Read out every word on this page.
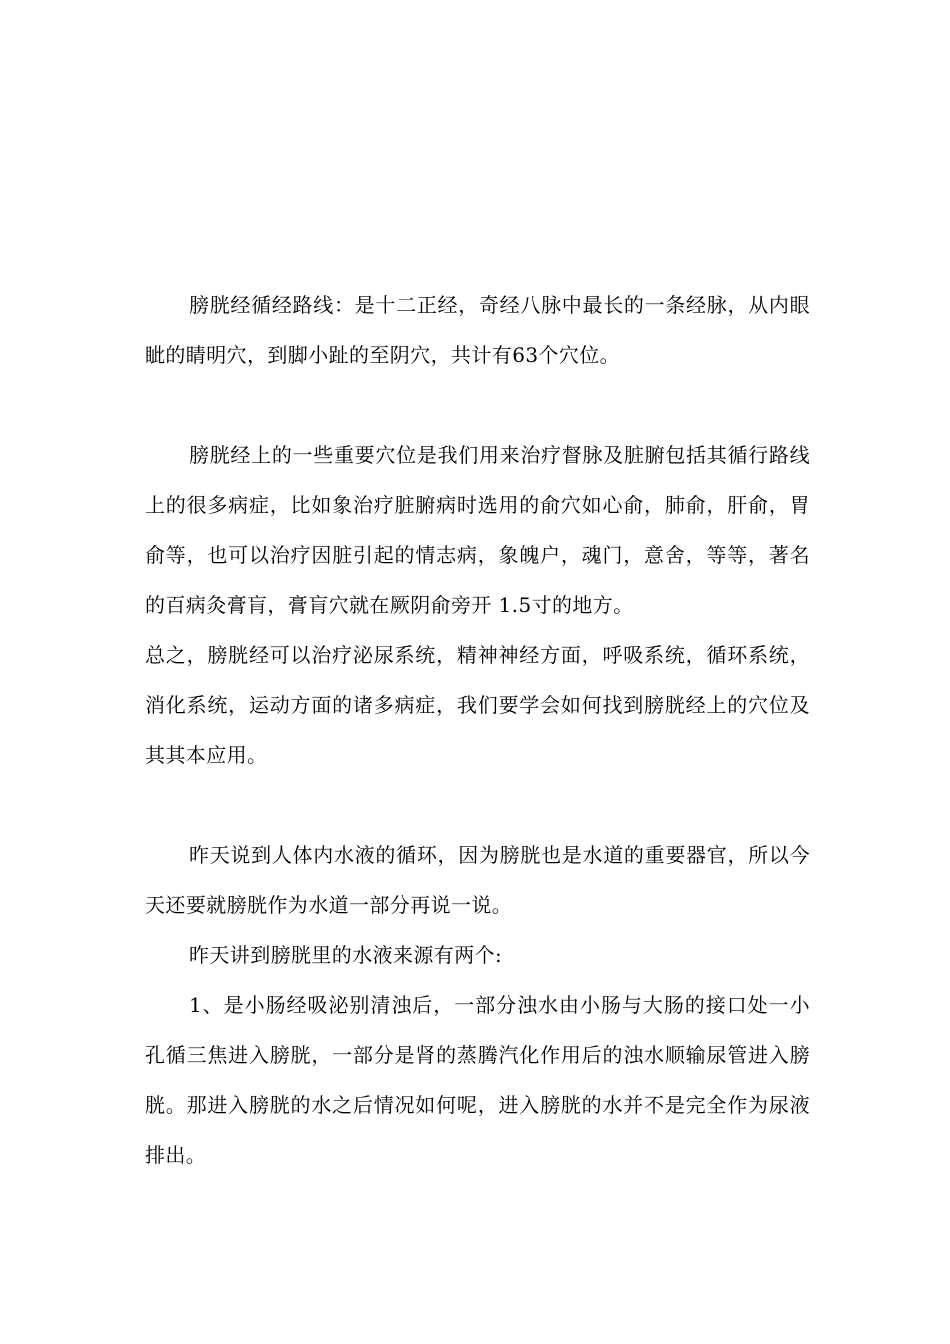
膀胱经循经路线：是十二正经，奇经八脉中最长的一条经脉，从内眼眦的睛明穴，到脚小趾的至阴穴，共计有63个穴位。

膀胱经上的一些重要穴位是我们用来治疗督脉及脏腑包括其循行路线上的很多病症，比如象治疗脏腑病时选用的俞穴如心俞，肺俞，肝俞，胃俞等，也可以治疗因脏引起的情志病，象魄户，魂门，意舍，等等，著名的百病灸膏肓，膏肓穴就在厥阴俞旁开 1.5寸的地方。

总之，膀胱经可以治疗泌尿系统，精神神经方面，呼吸系统，循环系统，消化系统，运动方面的诸多病症，我们要学会如何找到膀胱经上的穴位及其其本应用。

昨天说到人体内水液的循环，因为膀胱也是水道的重要器官，所以今天还要就膀胱作为水道一部分再说一说。

昨天讲到膀胱里的水液来源有两个:

1、是小肠经吸泌别清浊后，一部分浊水由小肠与大肠的接口处一小孔循三焦进入膀胱，一部分是肾的蒸腾汽化作用后的浊水顺输尿管进入膀胱。那进入膀胱的水之后情况如何呢，进入膀胱的水并不是完全作为尿液排出。
